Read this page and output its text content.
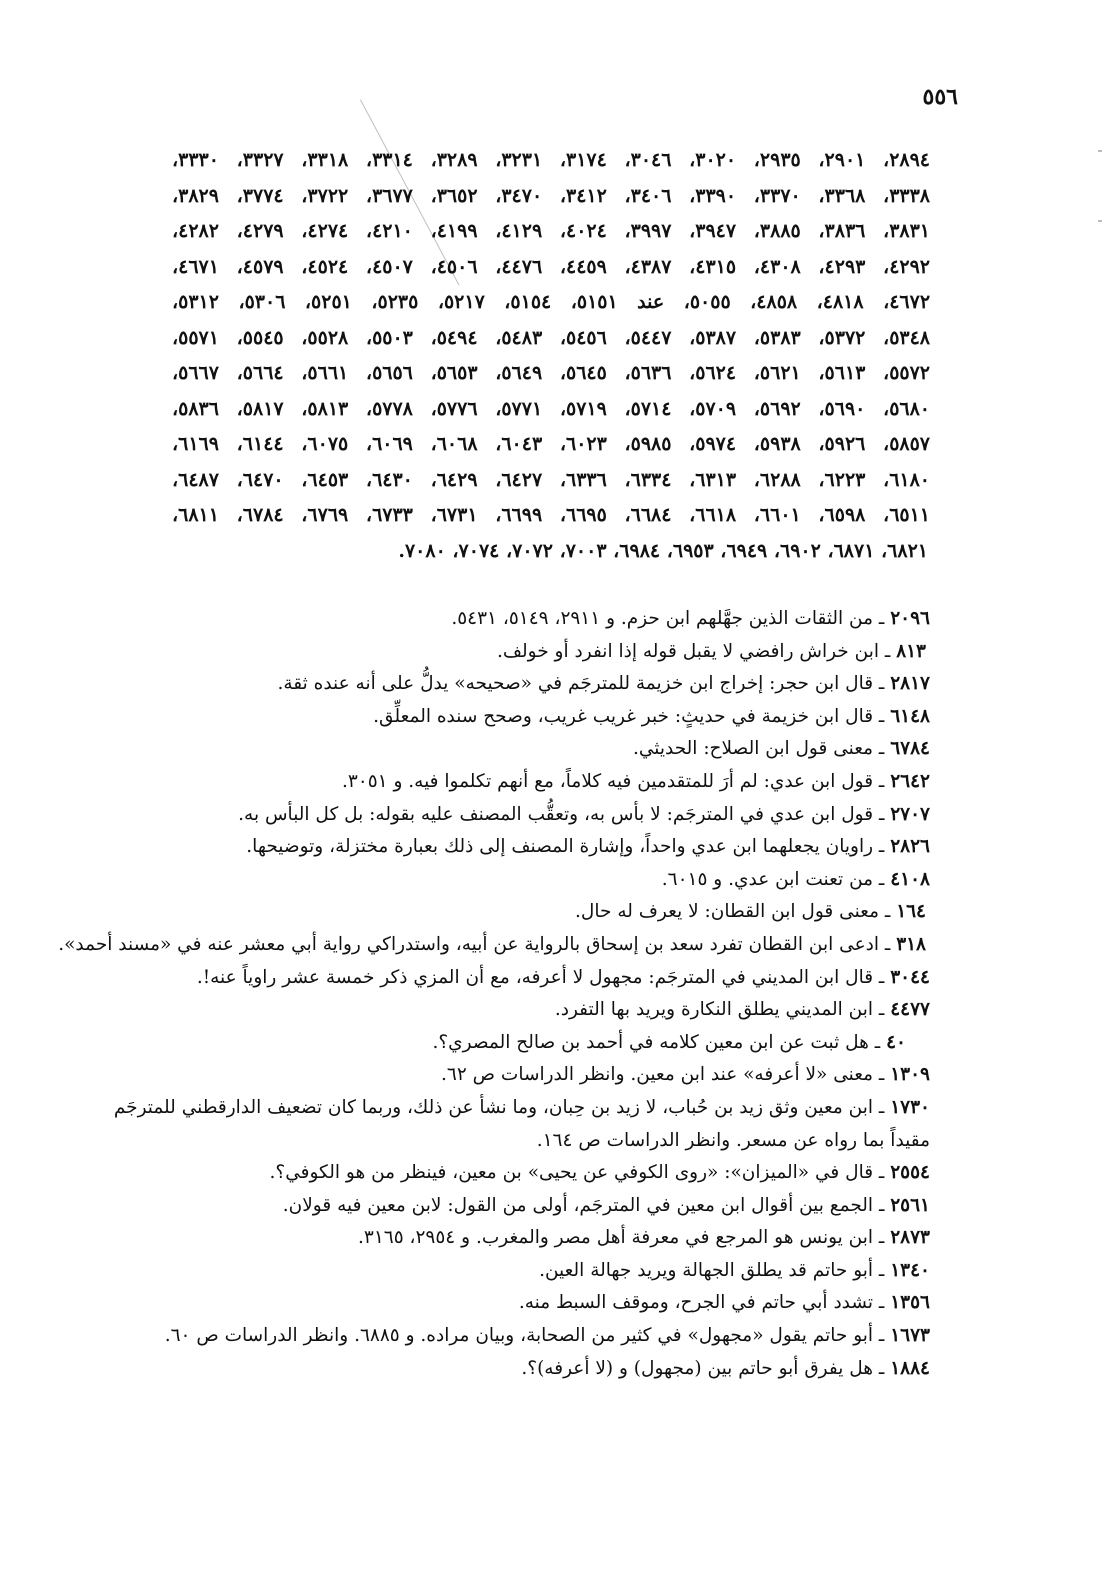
٥٥٦
٢٨٩٤، ٢٩٠١، ٢٩٣٥، ٣٠٢٠، ٣٠٤٦، ٣١٧٤، ٣٢٣١، ٣٢٨٩، ٣٣١٤، ٣٣١٨، ٣٣٢٧، ٣٣٣٠،
٣٣٣٨، ٣٣٦٨، ٣٣٧٠، ٣٣٩٠، ٣٤٠٦، ٣٤١٢، ٣٤٧٠، ٣٦٥٢، ٣٦٧٧، ٣٧٢٢، ٣٧٧٤، ٣٨٢٩،
٣٨٣١، ٣٨٣٦، ٣٨٨٥، ٣٩٤٧، ٣٩٩٧، ٤٠٢٤، ٤١٢٩، ٤١٩٩، ٤٢١٠، ٤٢٧٤، ٤٢٧٩، ٤٢٨٢،
٤٢٩٢، ٤٢٩٣، ٤٣٠٨، ٤٣١٥، ٤٣٨٧، ٤٤٥٩، ٤٤٧٦، ٤٥٠٦، ٤٥٠٧، ٤٥٢٤، ٤٥٧٩، ٤٦٧١،
٤٦٧٢، ٤٨١٨، ٤٨٥٨، ٥٠٥٥، عند ٥١٥١، ٥١٥٤، ٥٢١٧، ٥٢٣٥، ٥٢٥١، ٥٣٠٦، ٥٣١٢،
٥٣٤٨، ٥٣٧٢، ٥٣٨٣، ٥٣٨٧، ٥٤٤٧، ٥٤٥٦، ٥٤٨٣، ٥٤٩٤، ٥٥٠٣، ٥٥٢٨، ٥٥٤٥، ٥٥٧١،
٥٥٧٢، ٥٦١٣، ٥٦٢١، ٥٦٢٤، ٥٦٣٦، ٥٦٤٥، ٥٦٤٩، ٥٦٥٣، ٥٦٥٦، ٥٦٦١، ٥٦٦٤، ٥٦٦٧،
٥٦٨٠، ٥٦٩٠، ٥٦٩٢، ٥٧٠٩، ٥٧١٤، ٥٧١٩، ٥٧٧١، ٥٧٧٦، ٥٧٧٨، ٥٨١٣، ٥٨١٧، ٥٨٣٦،
٥٨٥٧، ٥٩٢٦، ٥٩٣٨، ٥٩٧٤، ٥٩٨٥، ٦٠٢٣، ٦٠٤٣، ٦٠٦٨، ٦٠٦٩، ٦٠٧٥، ٦١٤٤، ٦١٦٩،
٦١٨٠، ٦٢٢٣، ٦٢٨٨، ٦٣١٣، ٦٣٣٤، ٦٣٣٦، ٦٤٢٧، ٦٤٢٩، ٦٤٣٠، ٦٤٥٣، ٦٤٧٠، ٦٤٨٧،
٦٥١١، ٦٥٩٨، ٦٦٠١، ٦٦١٨، ٦٦٨٤، ٦٦٩٥، ٦٦٩٩، ٦٧٣١، ٦٧٣٣، ٦٧٦٩، ٦٧٨٤، ٦٨١١،
٦٨٢١، ٦٨٧١، ٦٩٠٢، ٦٩٤٩، ٦٩٥٣، ٦٩٨٤، ٧٠٠٣، ٧٠٧٢، ٧٠٧٤، ٧٠٨٠.
٢٠٩٦ ـ من الثقات الذين جهَّلهم ابن حزم. و ٢٩١١، ٥١٤٩، ٥٤٣١.
٨١٣ ـ ابن خراش رافضي لا يقبل قوله إذا انفرد أو خولف.
٢٨١٧ ـ قال ابن حجر: إخراج ابن خزيمة للمترجَم في «صحيحه» يدلُّ على أنه عنده ثقة.
٦١٤٨ ـ قال ابن خزيمة في حديثٍ: خبر غريب غريب، وصحح سنده المعلِّق.
٦٧٨٤ ـ معنى قول ابن الصلاح: الحديثي.
٢٦٤٢ ـ قول ابن عدي: لم أرَ للمتقدمين فيه كلاماً، مع أنهم تكلموا فيه. و ٣٠٥١.
٢٧٠٧ ـ قول ابن عدي في المترجَم: لا بأس به، وتعقُّب المصنف عليه بقوله: بل كل البأس به.
٢٨٢٦ ـ راويان يجعلهما ابن عدي واحداً، وإشارة المصنف إلى ذلك بعبارة مختزلة، وتوضيحها.
٤١٠٨ ـ من تعنت ابن عدي. و ٦٠١٥.
١٦٤ ـ معنى قول ابن القطان: لا يعرف له حال.
٣١٨ ـ ادعى ابن القطان تفرد سعد بن إسحاق بالرواية عن أبيه، واستدراكي رواية أبي معشر عنه في «مسند أحمد».
٣٠٤٤ ـ قال ابن المديني في المترجَم: مجهول لا أعرفه، مع أن المزي ذكر خمسة عشر راوياً عنه!.
٤٤٧٧ ـ ابن المديني يطلق النكارة ويريد بها التفرد.
٤٠ ـ هل ثبت عن ابن معين كلامه في أحمد بن صالح المصري؟.
١٣٠٩ ـ معنى «لا أعرفه» عند ابن معين. وانظر الدراسات ص ٦٢.
١٧٣٠ ـ ابن معين وثق زيد بن حُباب، لا زيد بن حِبان، وما نشأ عن ذلك، وربما كان تضعيف الدارقطني للمترجَم
مقيداً بما رواه عن مسعر. وانظر الدراسات ص ١٦٤.
٢٥٥٤ ـ قال في «الميزان»: «روى الكوفي عن يحيى» بن معين، فينظر من هو الكوفي؟.
٢٥٦١ ـ الجمع بين أقوال ابن معين في المترجَم، أولى من القول: لابن معين فيه قولان.
٢٨٧٣ ـ ابن يونس هو المرجع في معرفة أهل مصر والمغرب. و ٢٩٥٤، ٣١٦٥.
١٣٤٠ ـ أبو حاتم قد يطلق الجهالة ويريد جهالة العين.
١٣٥٦ ـ تشدد أبي حاتم في الجرح، وموقف السبط منه.
١٦٧٣ ـ أبو حاتم يقول «مجهول» في كثير من الصحابة، وبيان مراده. و ٦٨٨٥. وانظر الدراسات ص ٦٠.
١٨٨٤ ـ هل يفرق أبو حاتم بين (مجهول) و (لا أعرفه)؟.
